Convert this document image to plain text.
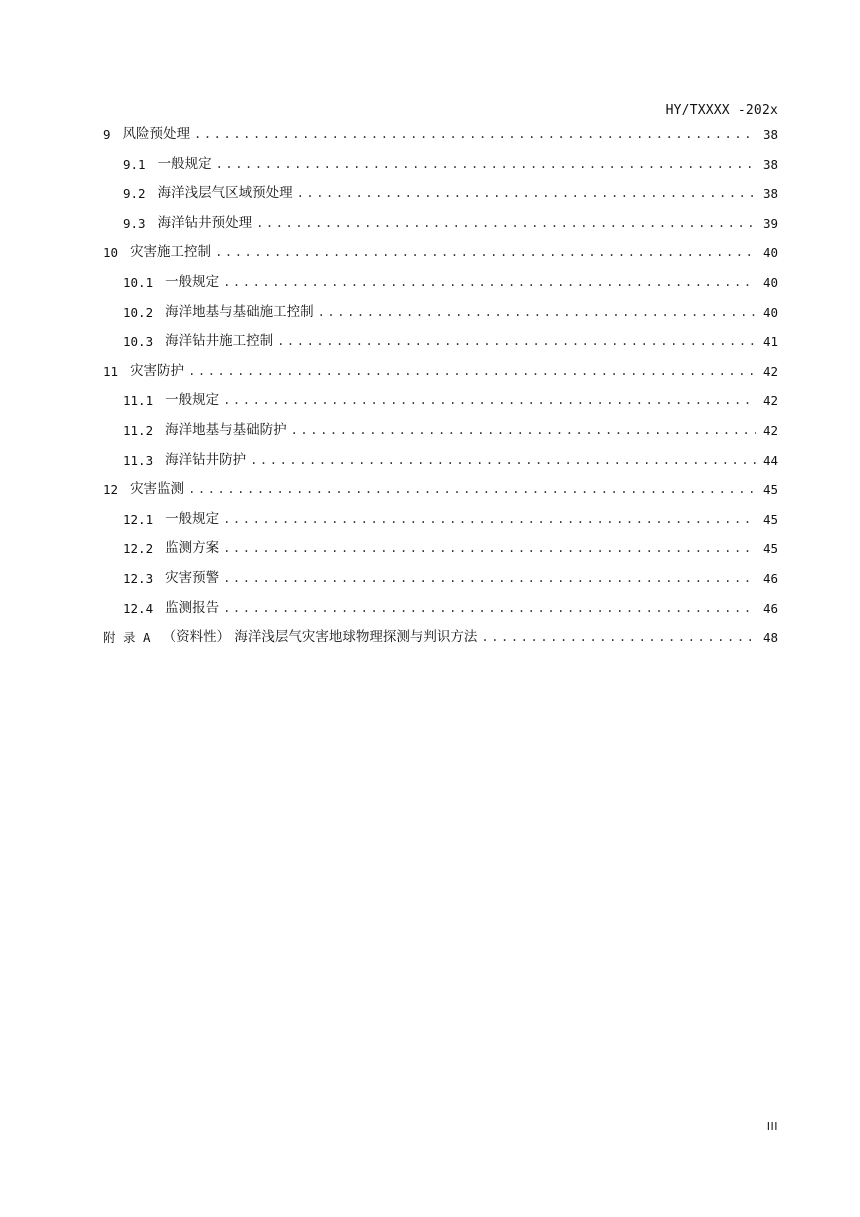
HY/TXXXX -202x
9 风险预处理 .....	38
9.1 一般规定 .....	38
9.2 海洋浅层气区域预处理 .....	38
9.3 海洋钻井预处理 .....	39
10 灾害施工控制 .....	40
10.1 一般规定 .....	40
10.2 海洋地基与基础施工控制 .....	40
10.3 海洋钻井施工控制 .....	41
11 灾害防护 .....	42
11.1 一般规定 .....	42
11.2 海洋地基与基础防护 .....	42
11.3 海洋钻井防护 .....	44
12 灾害监测 .....	45
12.1 一般规定 .....	45
12.2 监测方案 .....	45
12.3 灾害预警 .....	46
12.4 监测报告 .....	46
附 录 A （资料性） 海洋浅层气灾害地球物理探测与判识方法 .....	48
III
